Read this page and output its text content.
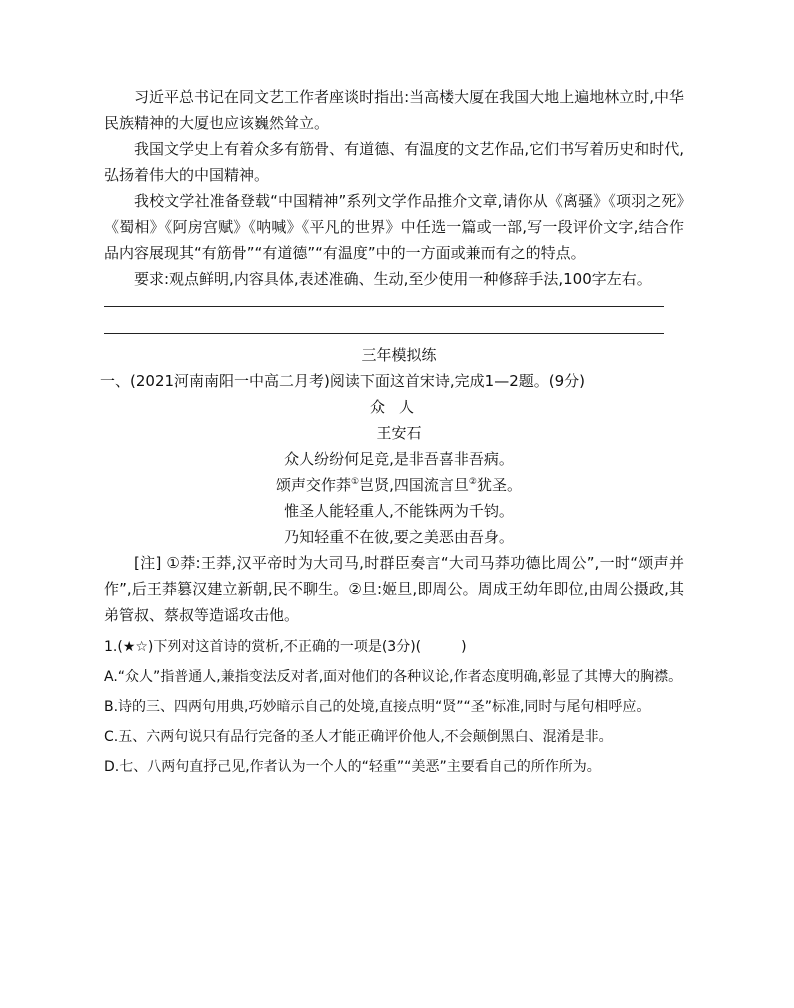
习近平总书记在同文艺工作者座谈时指出:当高楼大厦在我国大地上遍地林立时,中华民族精神的大厦也应该巍然耸立。

我国文学史上有着众多有筋骨、有道德、有温度的文艺作品,它们书写着历史和时代,弘扬着伟大的中国精神。

我校文学社准备登载“中国精神”系列文学作品推介文章,请你从《离骚》《项羽之死》《蜀相》《阿房宫赋》《呐喊》《平凡的世界》中任选一篇或一部,写一段评价文字,结合作品内容展现其“有筋骨”“有道德”“有温度”中的一方面或兼而有之的特点。

要求:观点鲜明,内容具体,表述准确、生动,至少使用一种修辞手法,100字左右。

三年模拟练

一、(2021河南南阳一中高二月考)阅读下面这首宋诗,完成1—2题。(9分)

众人

王安石

众人纷纷何足竞,是非吾喜非吾病。

颂声交作莽①岂贤,四国流言旦②犹圣。

惟圣人能轻重人,不能铢两为千钧。

乃知轻重不在彼,要之美恶由吾身。

[注] ①莽:王莽,汉平帝时为大司马,时群臣奏言“大司马莽功德比周公”,一时“颂声并作”,后王莽篡汉建立新朝,民不聊生。②旦:姬旦,即周公。周成王幼年即位,由周公摄政,其弟管叔、蔡叔等造谣攻击他。

1.(★☆)下列对这首诗的赏析,不正确的一项是(3分)(	)

A.“众人”指普通人,兼指变法反对者,面对他们的各种议论,作者态度明确,彰显了其博大的胸襟。

B.诗的三、四两句用典,巧妙暗示自己的处境,直接点明“贤”“圣”标准,同时与尾句相呼应。

C.五、六两句说只有品行完备的圣人才能正确评价他人,不会颠倒黑白、混淆是非。

D.七、八两句直抒己见,作者认为一个人的“轻重”“美恶”主要看自己的所作所为。
